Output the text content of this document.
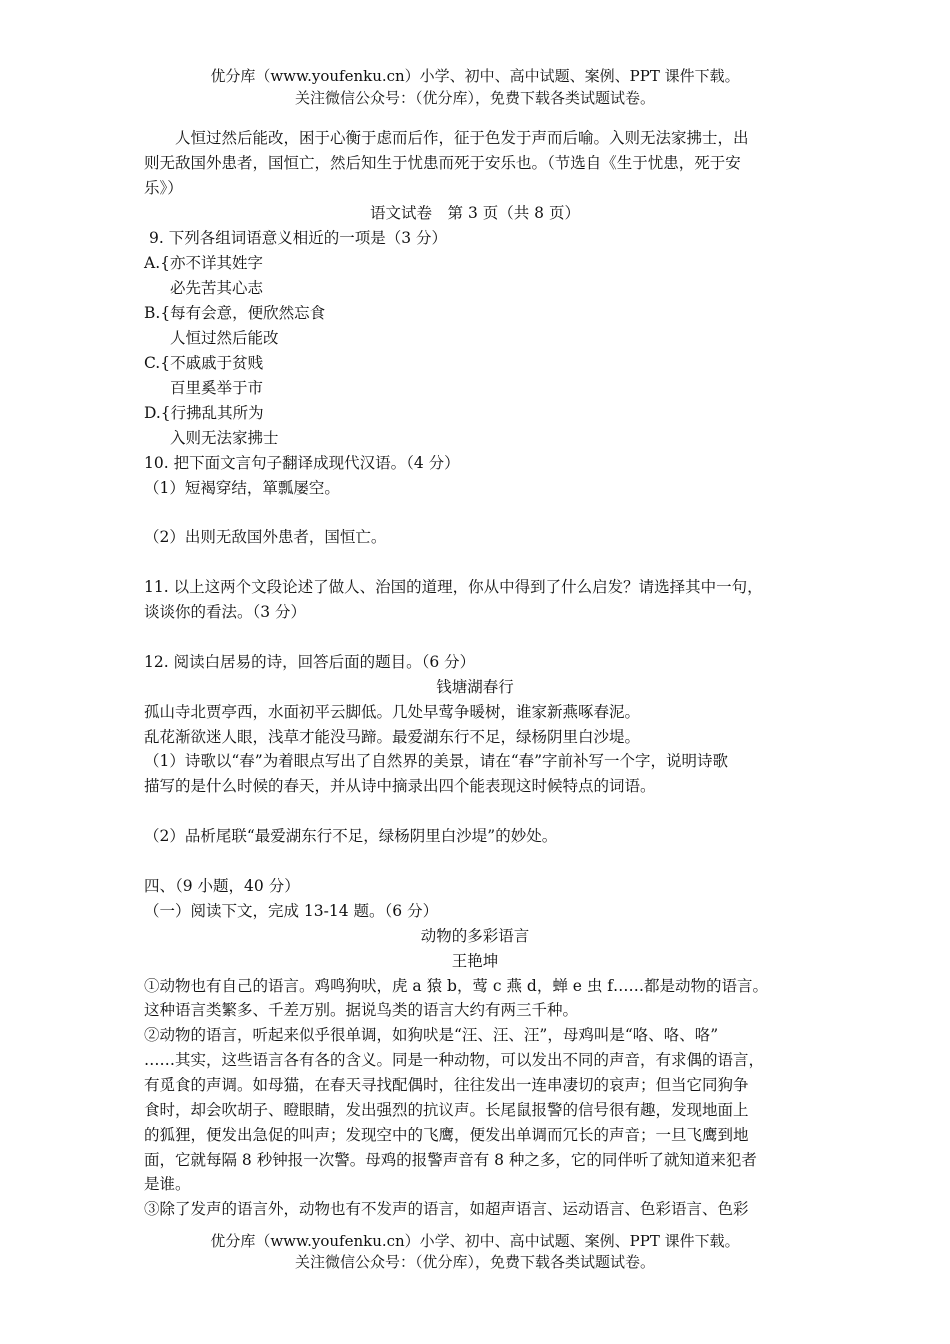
优分库（www.youfenku.cn）小学、初中、高中试题、案例、PPT 课件下载。
关注微信公众号：（优分库），免费下载各类试题试卷。
人恒过然后能改，困于心衡于虑而后作，征于色发于声而后喻。入则无法家拂士，出
则无敌国外患者，国恒亡，然后知生于忧患而死于安乐也。（节选自《生于忧患，死于安
乐》）
语文试卷　第 3 页（共 8 页）
9. 下列各组词语意义相近的一项是（3 分）
A.{亦不详其姓字
必先苦其心志
B.{每有会意，便欣然忘食
人恒过然后能改
C.{不戚戚于贫贱
百里奚举于市
D.{行拂乱其所为
入则无法家拂士
10. 把下面文言句子翻译成现代汉语。（4 分）
（1）短褐穿结，箪瓢屡空。
（2）出则无敌国外患者，国恒亡。
11. 以上这两个文段论述了做人、治国的道理，你从中得到了什么启发？请选择其中一句，
谈谈你的看法。（3 分）
12. 阅读白居易的诗，回答后面的题目。（6 分）
钱塘湖春行
孤山寺北贾亭西，水面初平云脚低。几处早莺争暖树，谁家新燕啄春泥。
乱花渐欲迷人眼，浅草才能没马蹄。最爱湖东行不足，绿杨阴里白沙堤。
（1）诗歌以“春”为着眼点写出了自然界的美景，请在“春”字前补写一个字，说明诗歌
描写的是什么时候的春天，并从诗中摘录出四个能表现这时候特点的词语。
（2）品析尾联“最爱湖东行不足，绿杨阴里白沙堤”的妙处。
四、（9 小题，40 分）
（一）阅读下文，完成 13-14 题。（6 分）
动物的多彩语言
王艳坤
①动物也有自己的语言。鸡鸣狗吠，虎 a 猿 b，莺 c 燕 d，蝉 e 虫 f……都是动物的语言。
这种语言类繁多、千差万别。据说鸟类的语言大约有两三千种。
②动物的语言，听起来似乎很单调，如狗吠是“汪、汪、汪”，母鸡叫是“咯、咯、咯”
……其实，这些语言各有各的含义。同是一种动物，可以发出不同的声音，有求偶的语言，
有觅食的声调。如母猫，在春天寻找配偶时，往往发出一连串凄切的哀声；但当它同狗争
食时，却会吹胡子、瞪眼睛，发出强烈的抗议声。长尾鼠报警的信号很有趣，发现地面上
的狐狸，便发出急促的叫声；发现空中的飞鹰，便发出单调而冗长的声音；一旦飞鹰到地
面，它就每隔 8 秒钟报一次警。母鸡的报警声音有 8 种之多，它的同伴听了就知道来犯者
是谁。
③除了发声的语言外，动物也有不发声的语言，如超声语言、运动语言、色彩语言、色彩
优分库（www.youfenku.cn）小学、初中、高中试题、案例、PPT 课件下载。
关注微信公众号：（优分库），免费下载各类试题试卷。
